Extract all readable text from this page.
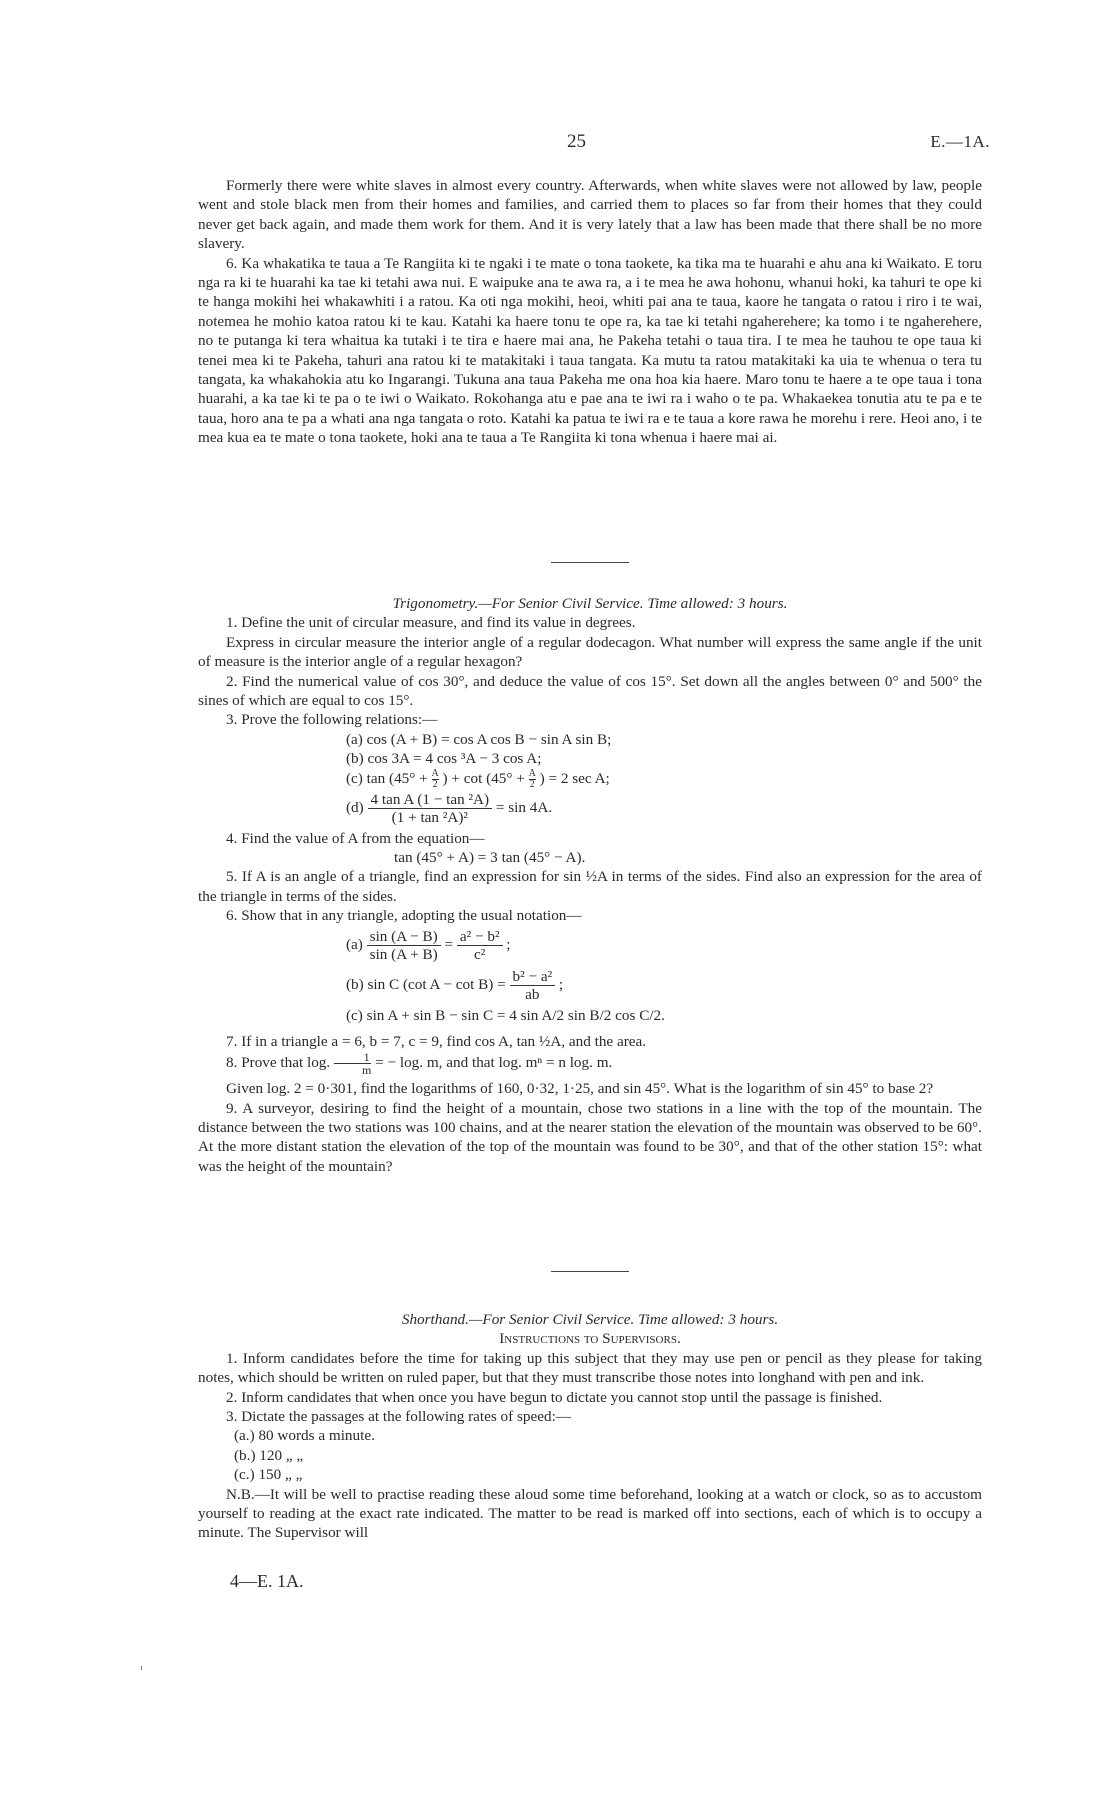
25	E.—1A.

Formerly there were white slaves in almost every country. Afterwards, when white slaves were not allowed by law, people went and stole black men from their homes and families, and carried them to places so far from their homes that they could never get back again, and made them work for them. And it is very lately that a law has been made that there shall be no more slavery.

6. Ka whakatika te taua a Te Rangiita ki te ngaki i te mate o tona taokete, ka tika ma te huarahi e ahu ana ki Waikato. E toru nga ra ki te huarahi ka tae ki tetahi awa nui. E waipuke ana te awa ra, a i te mea he awa hohonu, whanui hoki, ka tahuri te ope ki te hanga mokihi hei whakawhiti i a ratou. Ka oti nga mokihi, heoi, whiti pai ana te taua, kaore he tangata o ratou i riro i te wai, notemea he mohio katoa ratou ki te kau. Katahi ka haere tonu te ope ra, ka tae ki tetahi ngaherehere; ka tomo i te ngaherehere, no te putanga ki tera whaitua ka tutaki i te tira e haere mai ana, he Pakeha tetahi o taua tira. I te mea he tauhou te ope taua ki tenei mea ki te Pakeha, tahuri ana ratou ki te matakitaki i taua tangata. Ka mutu ta ratou matakitaki ka uia te whenua o tera tu tangata, ka whakahokia atu ko Ingarangi. Tukuna ana taua Pakeha me ona hoa kia haere. Maro tonu te haere a te ope taua i tona huarahi, a ka tae ki te pa o te iwi o Waikato. Rokohanga atu e pae ana te iwi ra i waho o te pa. Whakaekea tonutia atu te pa e te taua, horo ana te pa a whati ana nga tangata o roto. Katahi ka patua te iwi ra e te taua a kore rawa he morehu i rere. Heoi ano, i te mea kua ea te mate o tona taokete, hoki ana te taua a Te Rangiita ki tona whenua i haere mai ai.

Trigonometry.—For Senior Civil Service. Time allowed: 3 hours.

1. Define the unit of circular measure, and find its value in degrees.

Express in circular measure the interior angle of a regular dodecagon. What number will express the same angle if the unit of measure is the interior angle of a regular hexagon?

2. Find the numerical value of cos 30°, and deduce the value of cos 15°. Set down all the angles between 0° and 500° the sines of which are equal to cos 15°.

3. Prove the following relations:—

(a) cos (A + B) = cos A cos B − sin A sin B;

(b) cos 3A = 4 cos ³A − 3 cos A;

(c) $\tan (45^\circ + \frac{A}{2}$ ) + $\cot (45^\circ + \frac{A}{2}$ ) = 2 sec A;

$(d) \frac{\text{4 tan A (1 − tan ²A)}}{\text{(1 + tan ²A)²}} = \sin 4A$.

4. Find the value of A from the equation—

tan (45° + A) = 3 tan (45° − A).

5. If A is an angle of a triangle, find an expression for sin ½A in terms of the sides. Find also an expression for the area of the triangle in terms of the sides.

6. Show that in any triangle, adopting the usual notation—

$(a) \frac{\sin (A - B)}{\sin (A + B)} = \frac{\text{a² − b²}}{\text{c²}}$ ;

(b) sin C (cot $A - \cot B) = \frac{\text{b² − a²}}{ab}$ ;

(c) sin A + sin B − sin C = 4 sin A/2 sin B/2 cos C/2.

7. If in a triangle a = 6, b = 7, c = 9, find cos A, tan ½A, and the area.

8. Prove that log. $\frac{1}{m}$ = − log. m, and that log. mⁿ = n log. m.

Given log. 2 = 0·301, find the logarithms of 160, 0·32, 1·25, and sin 45°. What is the logarithm of sin 45° to base 2?

9. A surveyor, desiring to find the height of a mountain, chose two stations in a line with the top of the mountain. The distance between the two stations was 100 chains, and at the nearer station the elevation of the mountain was observed to be 60°. At the more distant station the elevation of the top of the mountain was found to be 30°, and that of the other station 15°: what was the height of the mountain?

Shorthand.—For Senior Civil Service. Time allowed: 3 hours.

Instructions to Supervisors.

1. Inform candidates before the time for taking up this subject that they may use pen or pencil as they please for taking notes, which should be written on ruled paper, but that they must transcribe those notes into longhand with pen and ink.

2. Inform candidates that when once you have begun to dictate you cannot stop until the passage is finished.

3. Dictate the passages at the following rates of speed:—

(a.) 80 words a minute.

(b.) 120 „ „

(c.) 150 „ „

N.B.—It will be well to practise reading these aloud some time beforehand, looking at a watch or clock, so as to accustom yourself to reading at the exact rate indicated. The matter to be read is marked off into sections, each of which is to occupy a minute. The Supervisor will

4—E. 1A.
